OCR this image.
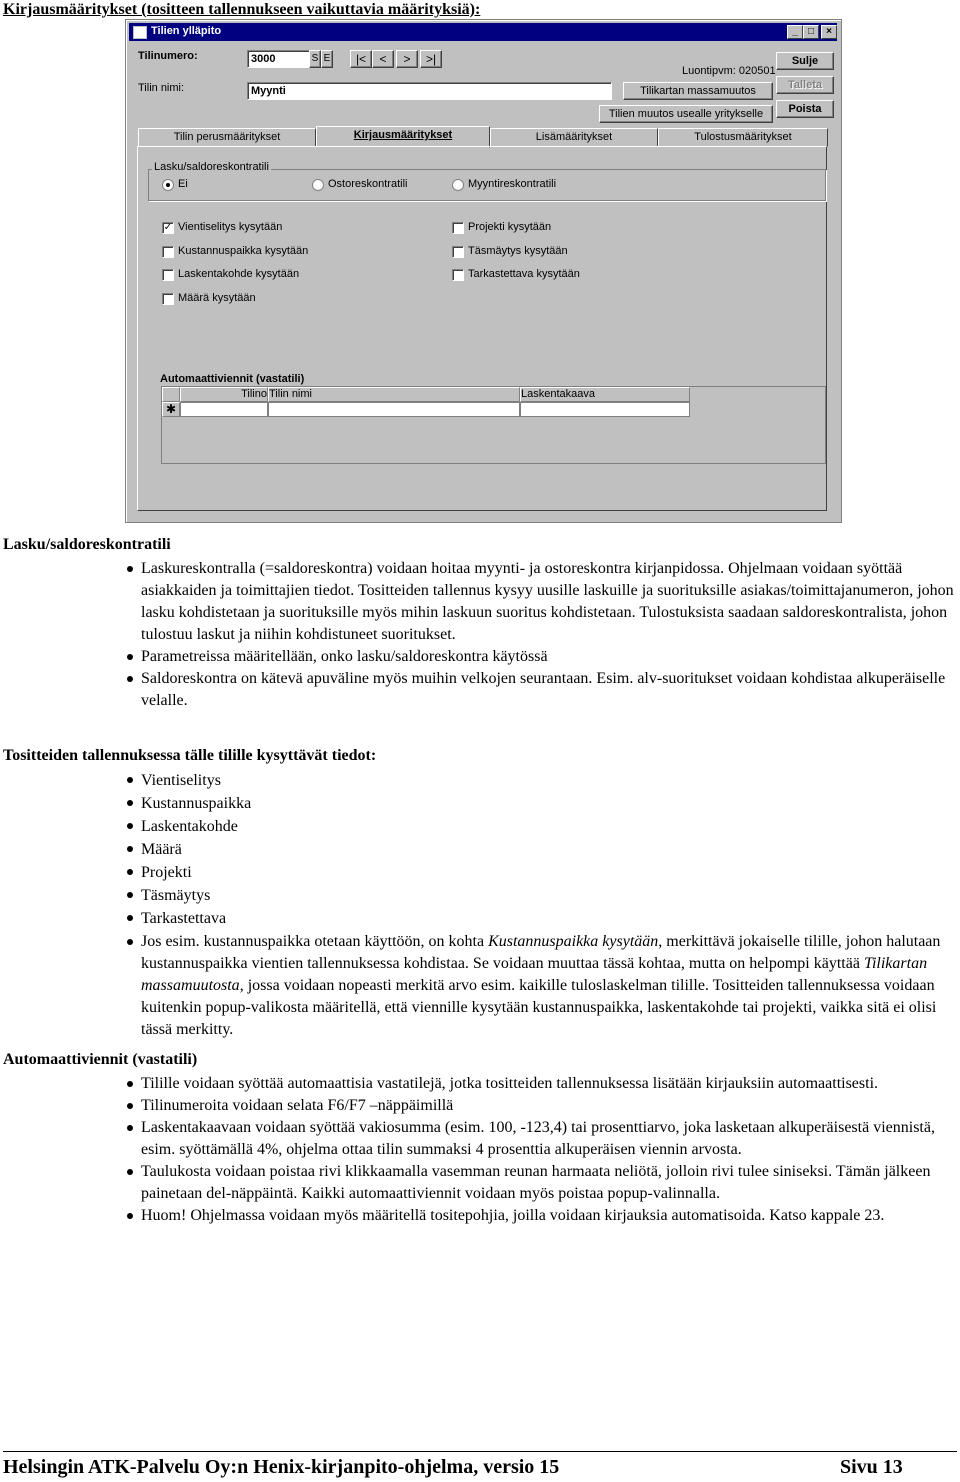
Kirjausmääritykset (tositteen tallennukseen vaikuttavia määrityksiä):
Tilien ylläpito	_	□	×
Tilinumero:	3000	S E	|<	<	>	>|
Luontipvm: 020501
Tilin nimi:	Myynti	Tilikartan massamuutos
Tilien muutos usealle yritykselle
Sulje
Talleta
Poista
Tilin perusmääritykset	Kirjausmääritykset	Lisämääritykset	Tulostusmääritykset
Lasku/saldoreskontratili
Ei	Ostoreskontratili	Myyntireskontratili
✓ Vientiselitys kysytään
Kustannuspaikka kysytään
Laskentakohde kysytään
Määrä kysytään
Projekti kysytään
Täsmäytys kysytään
Tarkastettava kysytään
Automaattiviennit (vastatili)
Tilino Tilin nimi	Laskentakaava
✱
Lasku/saldoreskontratili
Laskureskontralla (=saldoreskontra) voidaan hoitaa myynti- ja ostoreskontra kirjanpidossa. Ohjelmaan voidaan syöttää asiakkaiden ja toimittajien tiedot. Tositteiden tallennus kysyy uusille laskuille ja suorituksille asiakas/toimittajanumeron, johon lasku kohdistetaan ja suorituksille myös mihin laskuun suoritus kohdistetaan. Tulostuksista saadaan saldoreskontralista, johon tulostuu laskut ja niihin kohdistuneet suoritukset.
Parametreissa määritellään, onko lasku/saldoreskontra käytössä
Saldoreskontra on kätevä apuväline myös muihin velkojen seurantaan. Esim. alv-suoritukset voidaan kohdistaa alkuperäiselle velalle.
Tositteiden tallennuksessa tälle tilille kysyttävät tiedot:
Vientiselitys
Kustannuspaikka
Laskentakohde
Määrä
Projekti
Täsmäytys
Tarkastettava
Jos esim. kustannuspaikka otetaan käyttöön, on kohta Kustannuspaikka kysytään, merkittävä jokaiselle tilille, johon halutaan kustannuspaikka vientien tallennuksessa kohdistaa. Se voidaan muuttaa tässä kohtaa, mutta on helpompi käyttää Tilikartan massamuutosta, jossa voidaan nopeasti merkitä arvo esim. kaikille tuloslaskelman tilille. Tositteiden tallennuksessa voidaan kuitenkin popup-valikosta määritellä, että viennille kysytään kustannuspaikka, laskentakohde tai projekti, vaikka sitä ei olisi tässä merkitty.
Automaattiviennit (vastatili)
Tilille voidaan syöttää automaattisia vastatilejä, jotka tositteiden tallennuksessa lisätään kirjauksiin automaattisesti.
Tilinumeroita voidaan selata F6/F7 –näppäimillä
Laskentakaavaan voidaan syöttää vakiosumma (esim. 100, -123,4) tai prosenttiarvo, joka lasketaan alkuperäisestä viennistä, esim. syöttämällä 4%, ohjelma ottaa tilin summaksi 4 prosenttia alkuperäisen viennin arvosta.
Taulukosta voidaan poistaa rivi klikkaamalla vasemman reunan harmaata neliötä, jolloin rivi tulee siniseksi. Tämän jälkeen painetaan del-näppäintä. Kaikki automaattiviennit voidaan myös poistaa popup-valinnalla.
Huom! Ohjelmassa voidaan myös määritellä tositepohjia, joilla voidaan kirjauksia automatisoida. Katso kappale 23.
Helsingin ATK-Palvelu Oy:n Henix-kirjanpito-ohjelma, versio 15	Sivu 13
